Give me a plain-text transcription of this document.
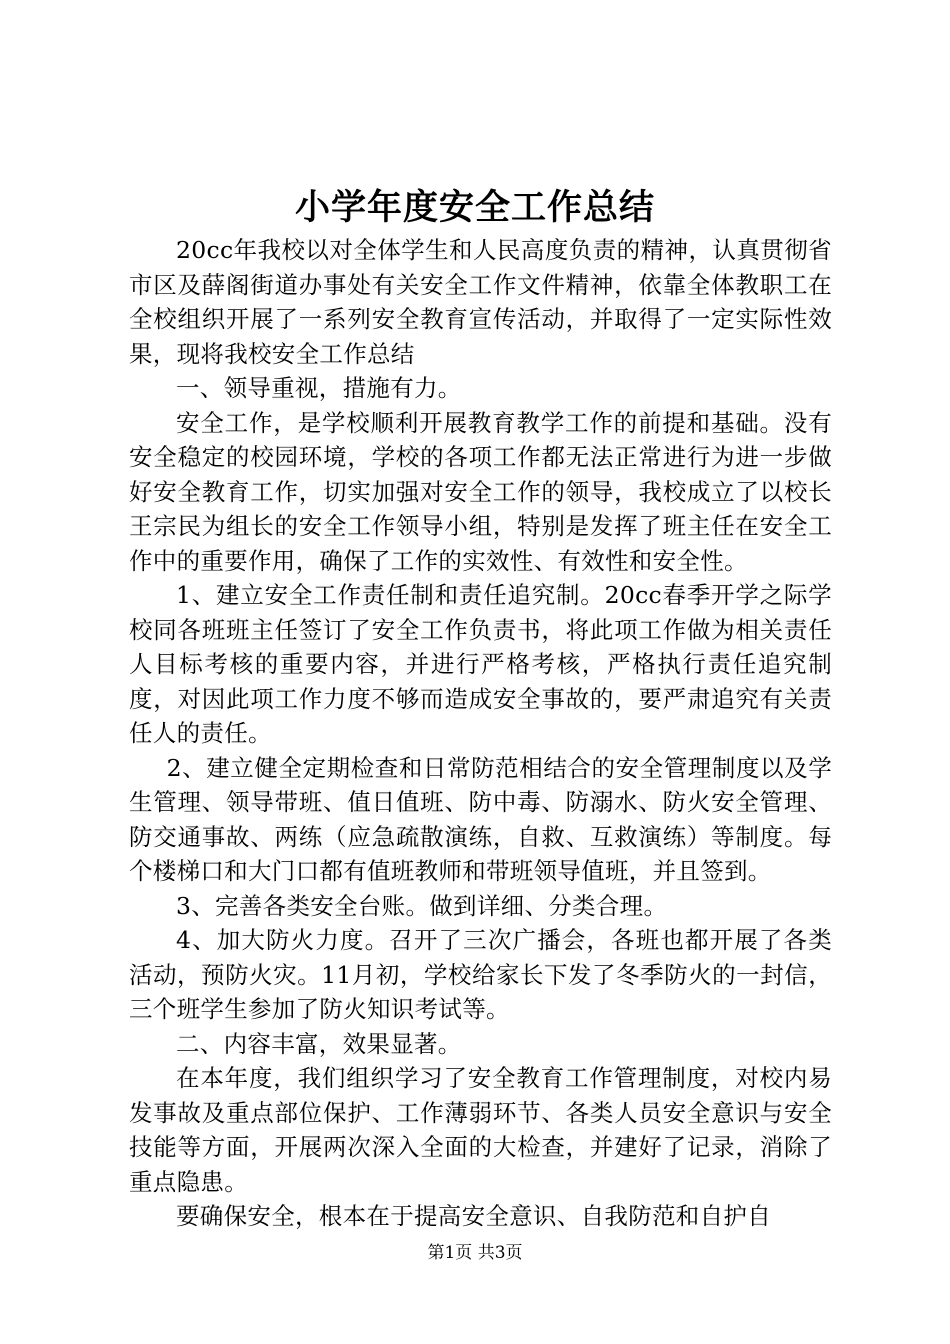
小学年度安全工作总结

20cc年我校以对全体学生和人民高度负责的精神，认真贯彻省市区及薛阁街道办事处有关安全工作文件精神，依靠全体教职工在全校组织开展了一系列安全教育宣传活动，并取得了一定实际性效果，现将我校安全工作总结

一、领导重视，措施有力。

安全工作，是学校顺利开展教育教学工作的前提和基础。没有安全稳定的校园环境，学校的各项工作都无法正常进行为进一步做好安全教育工作，切实加强对安全工作的领导，我校成立了以校长王宗民为组长的安全工作领导小组，特别是发挥了班主任在安全工作中的重要作用，确保了工作的实效性、有效性和安全性。

1、建立安全工作责任制和责任追究制。20cc春季开学之际学校同各班班主任签订了安全工作负责书，将此项工作做为相关责任人目标考核的重要内容，并进行严格考核，严格执行责任追究制度，对因此项工作力度不够而造成安全事故的，要严肃追究有关责任人的责任。

2、建立健全定期检查和日常防范相结合的安全管理制度以及学生管理、领导带班、值日值班、防中毒、防溺水、防火安全管理、防交通事故、两练（应急疏散演练，自救、互救演练）等制度。每个楼梯口和大门口都有值班教师和带班领导值班，并且签到。

3、完善各类安全台账。做到详细、分类合理。

4、加大防火力度。召开了三次广播会，各班也都开展了各类活动，预防火灾。11月初，学校给家长下发了冬季防火的一封信，三个班学生参加了防火知识考试等。

二、内容丰富，效果显著。

在本年度，我们组织学习了安全教育工作管理制度，对校内易发事故及重点部位保护、工作薄弱环节、各类人员安全意识与安全技能等方面，开展两次深入全面的大检查，并建好了记录，消除了重点隐患。

要确保安全，根本在于提高安全意识、自我防范和自护自

第1页 共3页
